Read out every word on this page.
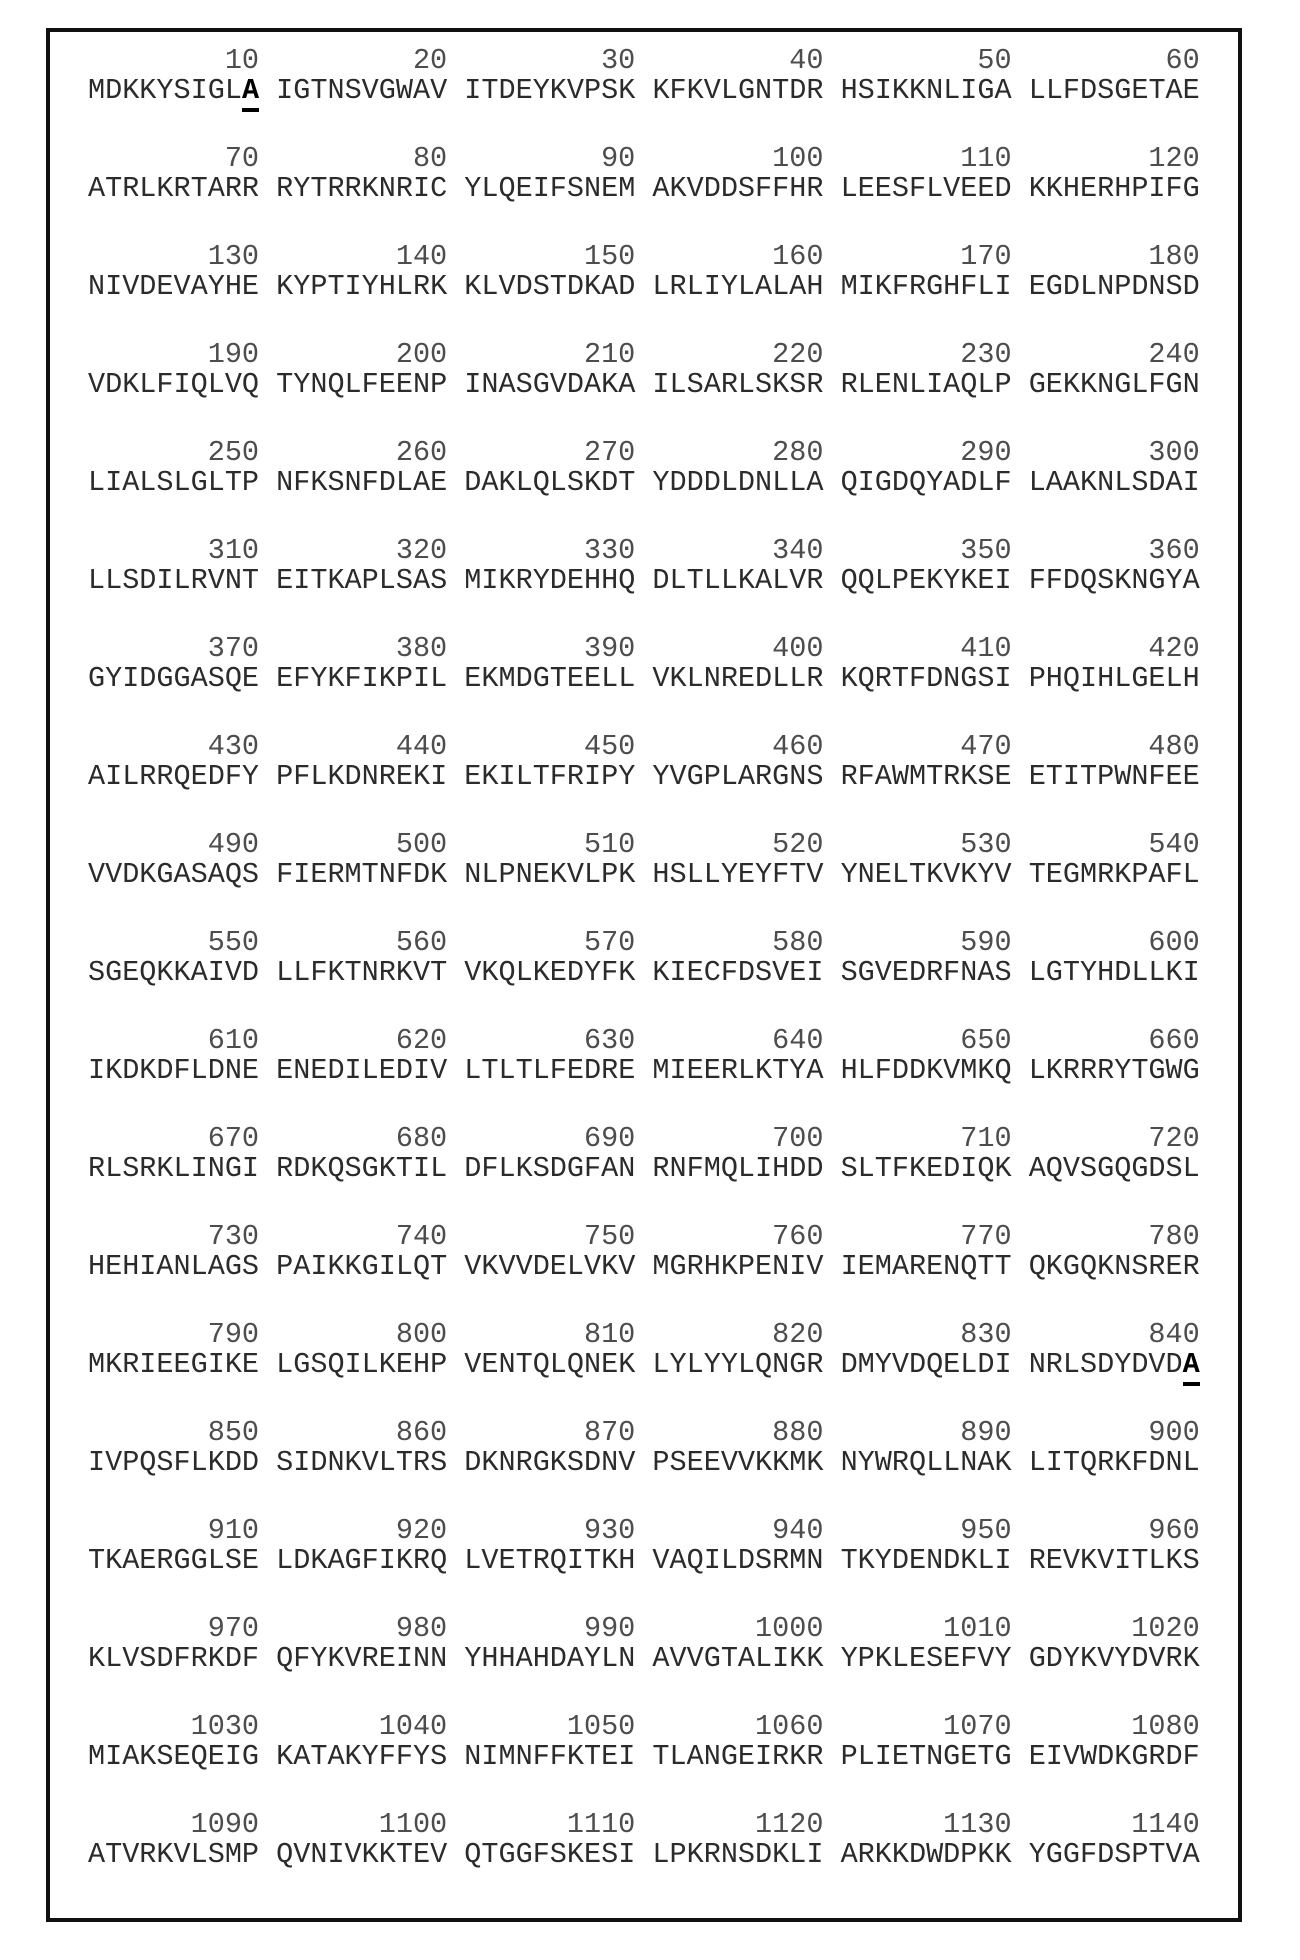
10         20         30         40         50         60
MDKKYSIGLA IGTNSVGWAV ITDEYKVPSK KFKVLGNTDR HSIKKNLIGA LLFDSGETAE
70         80         90        100        110        120
ATRLKRTARR RYTRRKNRIC YLQEIFSNEM AKVDDSFFHR LEESFLVEED KKHERHPIFG
130        140        150        160        170        180
NIVDEVAYHE KYPTIYHLRK KLVDSTDKAD LRLIYLALAH MIKFRGHFLI EGDLNPDNSD
190        200        210        220        230        240
VDKLFIQLVQ TYNQLFEENP INASGVDAKA ILSARLSKSR RLENLIAQLP GEKKNGLFGN
250        260        270        280        290        300
LIALSLGLTP NFKSNFDLAE DAKLQLSKDT YDDDLDNLLA QIGDQYADLF LAAKNLSDAI
310        320        330        340        350        360
LLSDILRVNT EITKAPLSAS MIKRYDEHHQ DLTLLKALVR QQLPEKYKEI FFDQSKNGYA
370        380        390        400        410        420
GYIDGGASQE EFYKFIKPIL EKMDGTEELL VKLNREDLLR KQRTFDNGSI PHQIHLGELH
430        440        450        460        470        480
AILRRQEDFY PFLKDNREKI EKILTFRIPY YVGPLARGNS RFAWMTRKSE ETITPWNFEE
490        500        510        520        530        540
VVDKGASAQS FIERMTNFDK NLPNEKVLPK HSLLYEYFTV YNELTKVKYV TEGMRKPAFL
550        560        570        580        590        600
SGEQKKAIVD LLFKTNRKVT VKQLKEDYFK KIECFDSVEI SGVEDRFNAS LGTYHDLLKI
610        620        630        640        650        660
IKDKDFLDNE ENEDILEDIV LTLTLFEDRE MIEERLKTYA HLFDDKVMKQ LKRRRYTGWG
670        680        690        700        710        720
RLSRKLINGI RDKQSGKTIL DFLKSDGFAN RNFMQLIHDD SLTFKEDIQK AQVSGQGDSL
730        740        750        760        770        780
HEHIANLAGS PAIKKGILQT VKVVDELVKV MGRHKPENIV IEMARENQTT QKGQKNSRER
790        800        810        820        830        840
MKRIEEGIKE LGSQILKEHP VENTQLQNEK LYLYYLQNGR DMYVDQELDI NRLSDYDVDA
850        860        870        880        890        900
IVPQSFLKDD SIDNKVLTRS DKNRGKSDNV PSEEVVKKMK NYWRQLLNAK LITQRKFDNL
910        920        930        940        950        960
TKAERGGLSE LDKAGFIKRQ LVETRQITKH VAQILDSRMN TKYDENDKLI REVKVITLKS
970        980        990       1000       1010       1020
KLVSDFRKDF QFYKVREINN YHHAHDAYLN AVVGTALIKK YPKLESEFVY GDYKVYDVRK
1030       1040       1050       1060       1070       1080
MIAKSEQEIG KATAKYFFYS NIMNFFKTEI TLANGEIRKR PLIETNGETG EIVWDKGRDF
1090       1100       1110       1120       1130       1140
ATVRKVLSMP QVNIVKKTEV QTGGFSKESI LPKRNSDKLI ARKKDWDPKK YGGFDSPTVA
